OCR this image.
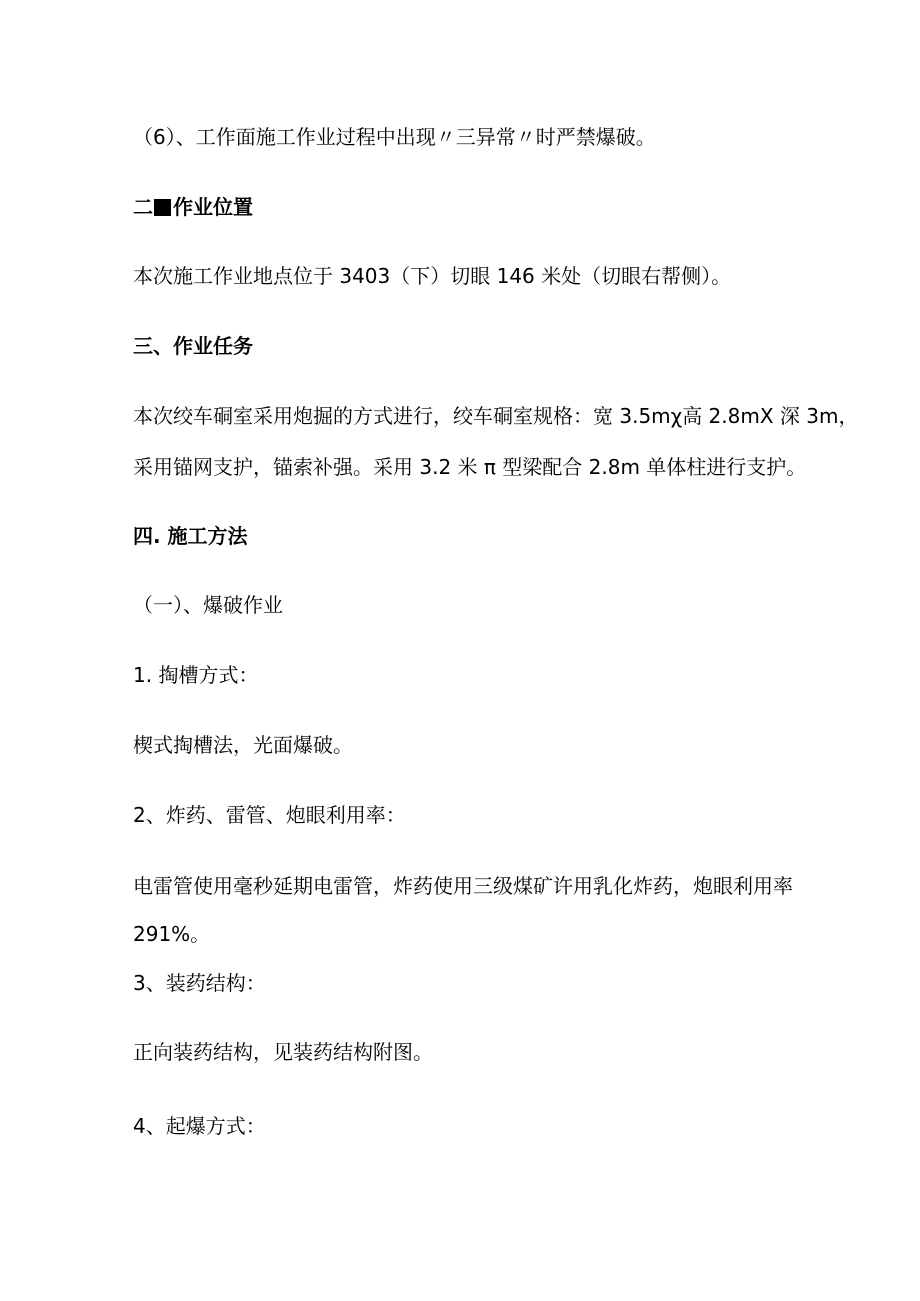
（6）、工作面施工作业过程中出现〃三异常〃时严禁爆破。
二 作业位置
本次施工作业地点位于 3403（下）切眼 146 米处（切眼右帮侧）。
三、作业任务
本次绞车硐室采用炮掘的方式进行，绞车硐室规格：宽 3.5mχ高 2.8mX 深 3m，
采用锚网支护，锚索补强。采用 3.2 米 π 型梁配合 2.8m 单体柱进行支护。
四. 施工方法
（一）、爆破作业
1. 掏槽方式：
楔式掏槽法，光面爆破。
2、炸药、雷管、炮眼利用率：
电雷管使用毫秒延期电雷管，炸药使用三级煤矿许用乳化炸药，炮眼利用率
291%。
3、装药结构：
正向装药结构，见装药结构附图。
4、起爆方式：
